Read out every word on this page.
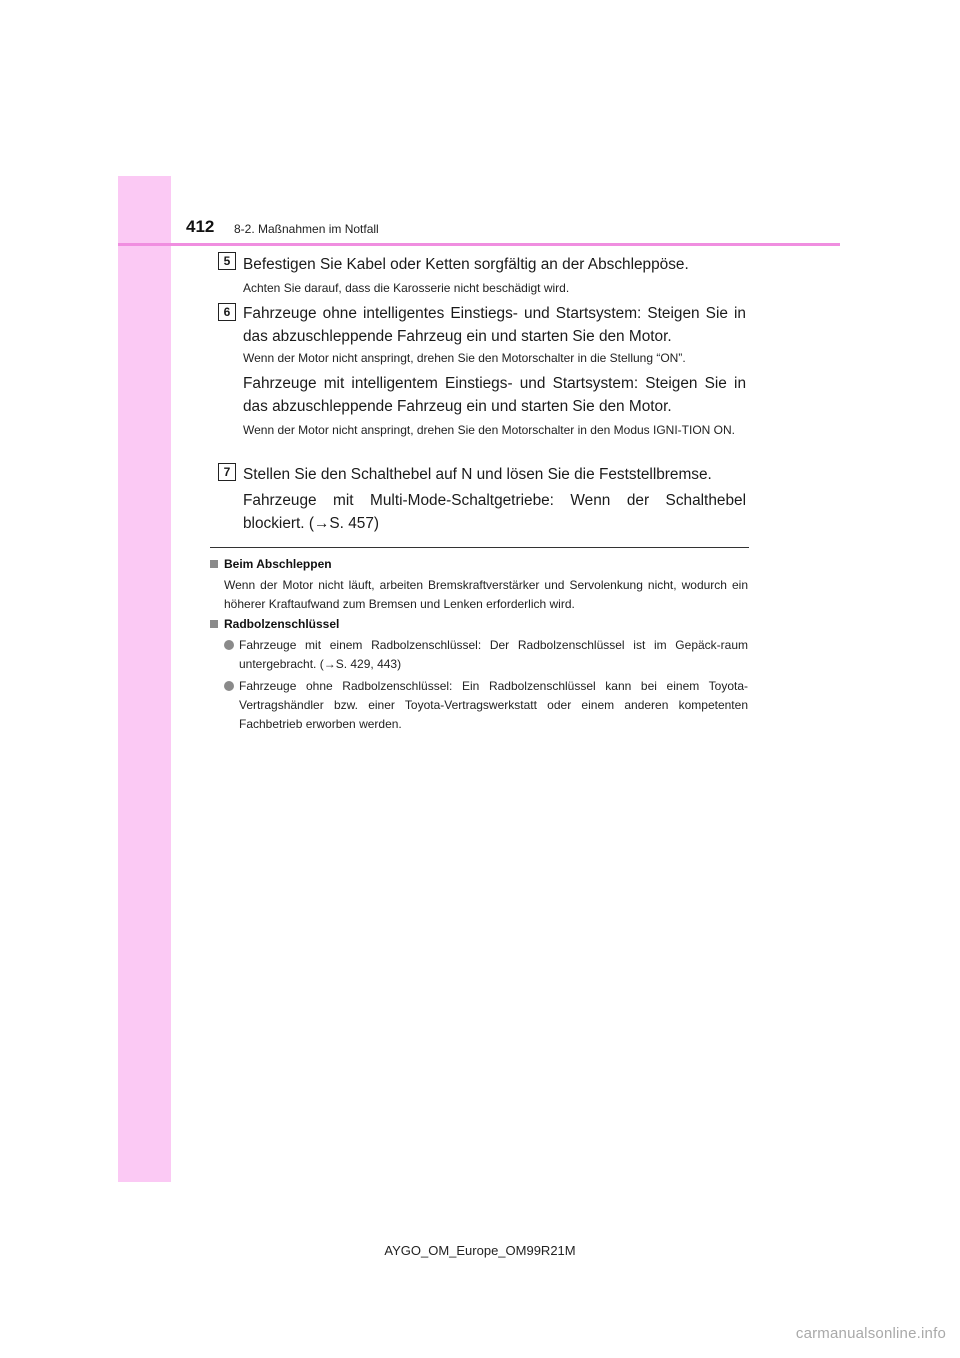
412 8-2. Maßnahmen im Notfall
5 Befestigen Sie Kabel oder Ketten sorgfältig an der Abschleppöse.
Achten Sie darauf, dass die Karosserie nicht beschädigt wird.
6 Fahrzeuge ohne intelligentes Einstiegs- und Startsystem: Steigen Sie in das abzuschleppende Fahrzeug ein und starten Sie den Motor.
Wenn der Motor nicht anspringt, drehen Sie den Motorschalter in die Stellung “ON”.
Fahrzeuge mit intelligentem Einstiegs- und Startsystem: Steigen Sie in das abzuschleppende Fahrzeug ein und starten Sie den Motor.
Wenn der Motor nicht anspringt, drehen Sie den Motorschalter in den Modus IGNI-TION ON.
7 Stellen Sie den Schalthebel auf N und lösen Sie die Feststellbremse.
Fahrzeuge mit Multi-Mode-Schaltgetriebe: Wenn der Schalthebel blockiert. (→S. 457)
Beim Abschleppen
Wenn der Motor nicht läuft, arbeiten Bremskraftverstärker und Servolenkung nicht, wodurch ein höherer Kraftaufwand zum Bremsen und Lenken erforderlich wird.
Radbolzenschlüssel
Fahrzeuge mit einem Radbolzenschlüssel: Der Radbolzenschlüssel ist im Gepäck-raum untergebracht. (→S. 429, 443)
Fahrzeuge ohne Radbolzenschlüssel: Ein Radbolzenschlüssel kann bei einem Toyota-Vertragshändler bzw. einer Toyota-Vertragswerkstatt oder einem anderen kompetenten Fachbetrieb erworben werden.
AYGO_OM_Europe_OM99R21M
carmanualsonline.info
